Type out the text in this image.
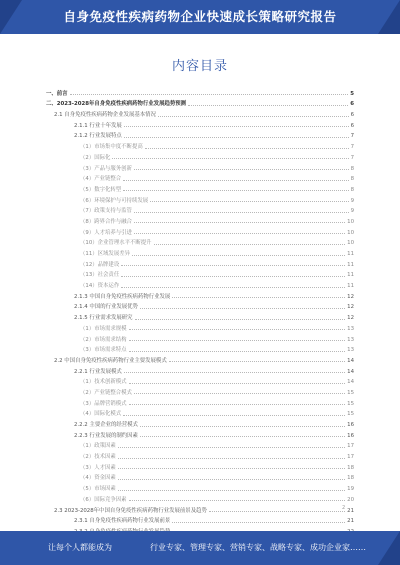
自身免疫性疾病药物企业快速成长策略研究报告
内容目录
一、前言	5
二、2023-2028年自身免疫性疾病药物行业发展趋势预测	6
2.1 自身免疫性疾病药物企业发展基本情况	6
2.1.1 行业十年发展	6
2.1.2 行业发展特点	7
（1）市场集中度不断提高	7
（2）国际化	7
（3）产品与服务创新	8
（4）产业链整合	8
（5）数字化转型	8
（6）环境保护与可持续发展	9
（7）政策支持与监管	9
（8）跨界合作与融合	10
（9）人才培养与引进	10
（10）企业管理水平不断提升	10
（11）区域发展差异	11
（12）品牌建设	11
（13）社会责任	11
（14）资本运作	11
2.1.3 中国自身免疫性疾病药物行业发展	12
2.1.4 中国的行业发展优势	12
2.1.5 行业需求发展研究	12
（1）市场需求规模	13
（2）市场需求结构	13
（3）市场需求特点	13
2.2 中国自身免疫性疾病药物行业主要发展模式	14
2.2.1 行业发展模式	14
（1）技术创新模式	14
（2）产业链整合模式	15
（3）品牌营销模式	15
（4）国际化模式	15
2.2.2 主要企业的经营模式	16
2.2.3 行业发展的制约因素	16
（1）政策因素	17
（2）技术因素	17
（3）人才因素	18
（4）资金因素	18
（5）市场因素	19
（6）国际竞争因素	20
2.3 2023-2028年中国自身免疫性疾病药物行业发展前景及趋势	21
2.3.1 自身免疫性疾病药物行业发展前景	21
2
让每个人都能成为	行业专家、管理专家、营销专家、战略专家、成功企业家……
